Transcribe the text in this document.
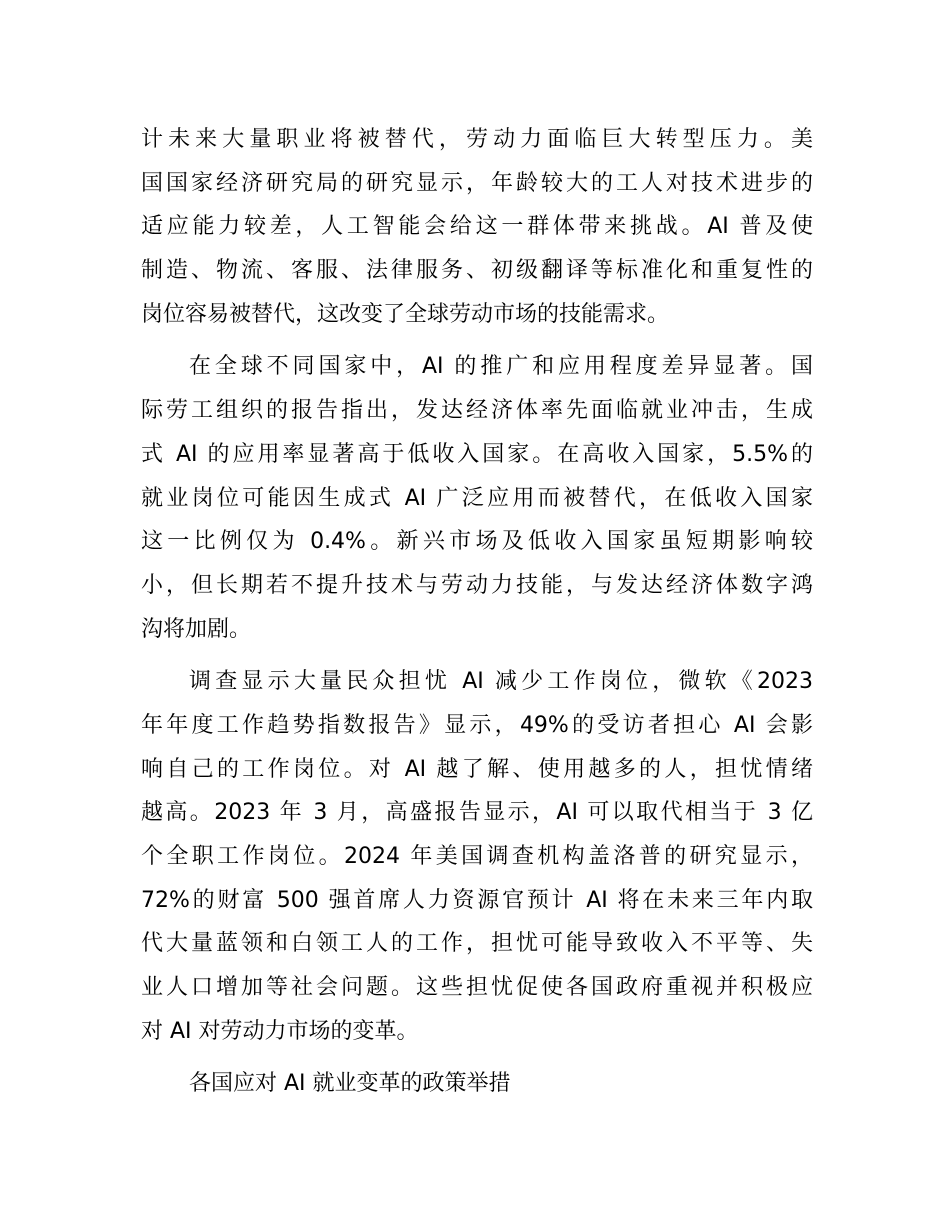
计未来大量职业将被替代，劳动力面临巨大转型压力。美
国国家经济研究局的研究显示，年龄较大的工人对技术进步的
适应能力较差，人工智能会给这一群体带来挑战。AI 普及使
制造、物流、客服、法律服务、初级翻译等标准化和重复性的
岗位容易被替代，这改变了全球劳动市场的技能需求。
在全球不同国家中，AI 的推广和应用程度差异显著。国
际劳工组织的报告指出，发达经济体率先面临就业冲击，生成
式 AI 的应用率显著高于低收入国家。在高收入国家，5.5%的
就业岗位可能因生成式 AI 广泛应用而被替代，在低收入国家
这一比例仅为 0.4%。新兴市场及低收入国家虽短期影响较
小，但长期若不提升技术与劳动力技能，与发达经济体数字鸿
沟将加剧。
调查显示大量民众担忧 AI 减少工作岗位，微软《2023
年年度工作趋势指数报告》显示，49%的受访者担心 AI 会影
响自己的工作岗位。对 AI 越了解、使用越多的人，担忧情绪
越高。2023 年 3 月，高盛报告显示，AI 可以取代相当于 3 亿
个全职工作岗位。2024 年美国调查机构盖洛普的研究显示，
72%的财富 500 强首席人力资源官预计 AI 将在未来三年内取
代大量蓝领和白领工人的工作，担忧可能导致收入不平等、失
业人口增加等社会问题。这些担忧促使各国政府重视并积极应
对 AI 对劳动力市场的变革。
各国应对 AI 就业变革的政策举措
